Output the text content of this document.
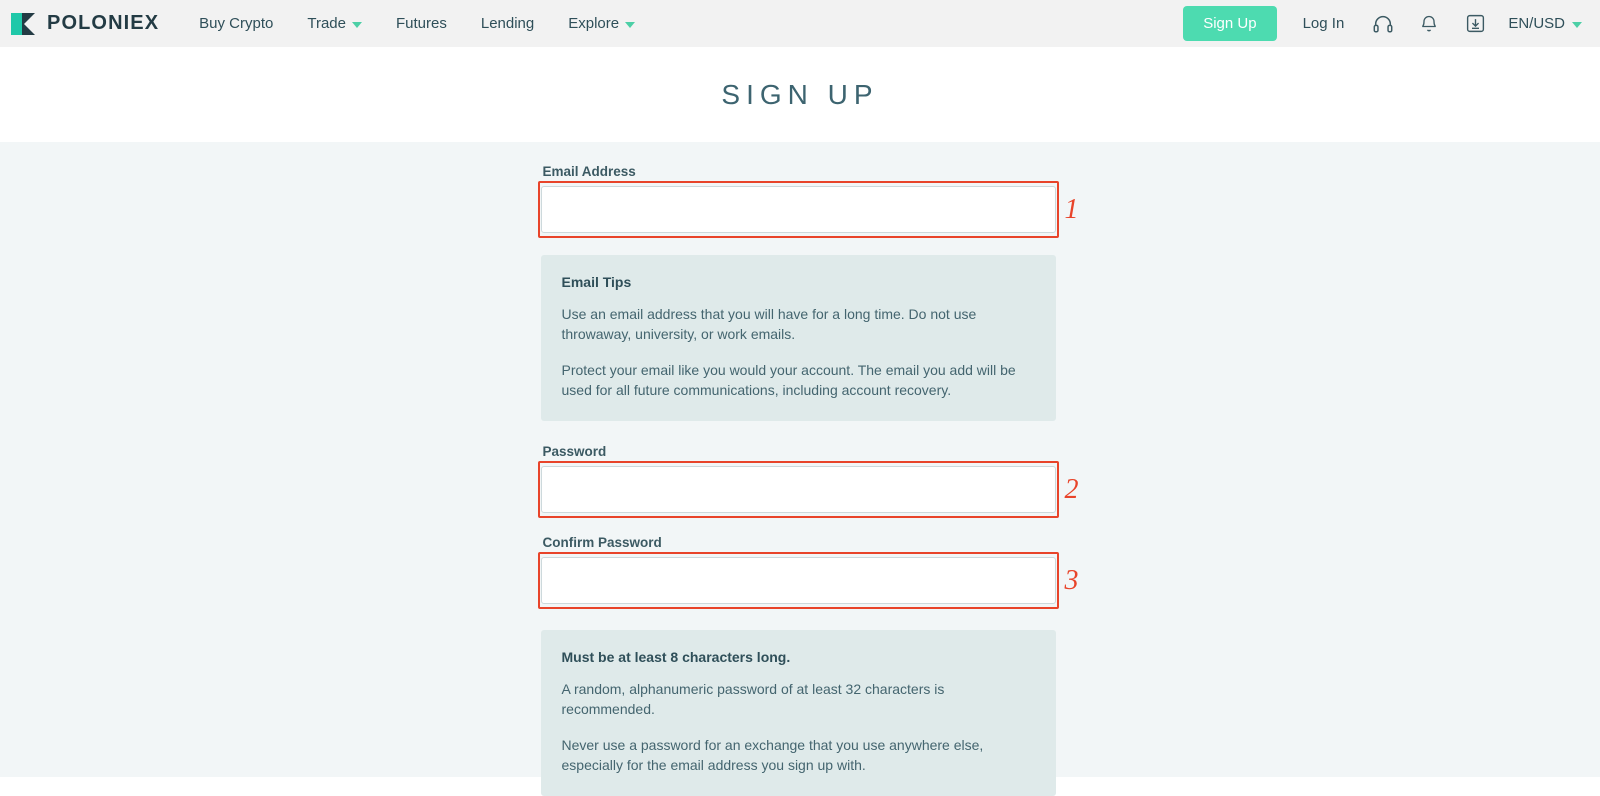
POLONIEX	Buy Crypto Trade	Futures Lending Explore	Sign Up	Log In	EN/USD
SIGN UP
Email Address
1
Email Tips

Use an email address that you will have for a long time. Do not use throwaway, university, or work emails.

Protect your email like you would your account. The email you add will be used for all future communications, including account recovery.

Password
2
Confirm Password
3
Must be at least 8 characters long.

A random, alphanumeric password of at least 32 characters is recommended.

Never use a password for an exchange that you use anywhere else, especially for the email address you sign up with.
